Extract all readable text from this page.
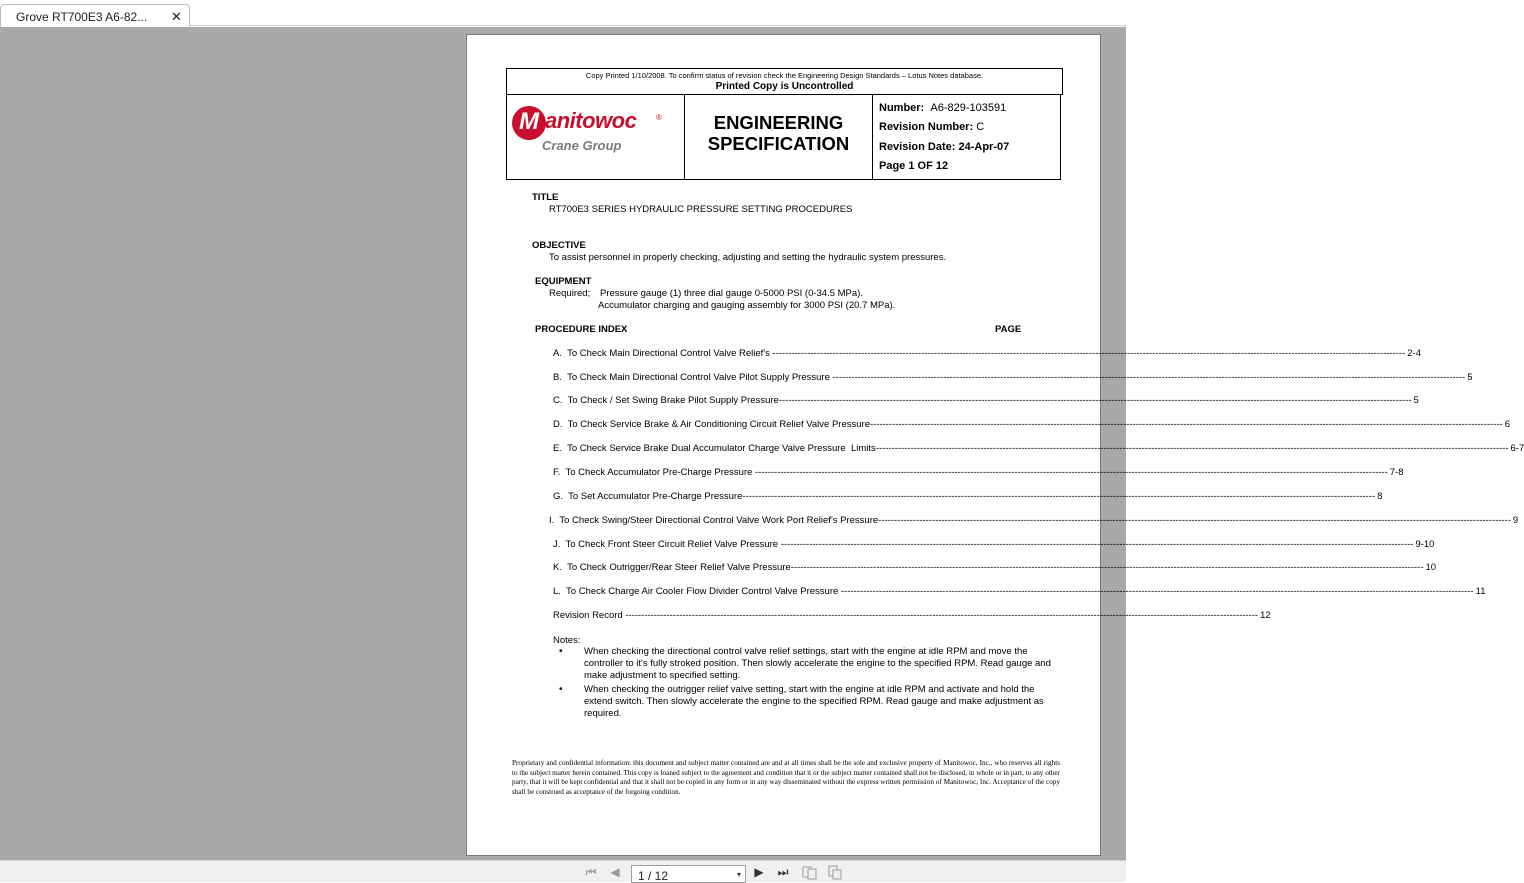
Grove RT700E3 A6-82... ✕
Copy Printed 1/10/2008. To confirm status of revision check the Engineering Design Standards – Lotus Notes database.
Printed Copy is Uncontrolled
M anitowoc ®
Crane Group
ENGINEERING
SPECIFICATION
Number: A6-829-103591
Revision Number: C
Revision Date: 24-Apr-07
Page 1 OF 12
TITLE
RT700E3 SERIES HYDRAULIC PRESSURE SETTING PROCEDURES
OBJECTIVE
To assist personnel in properly checking, adjusting and setting the hydraulic system pressures.
EQUIPMENT
Required; Pressure gauge (1) three dial gauge 0-5000 PSI (0-34.5 MPa).
Accumulator charging and gauging assembly for 3000 PSI (20.7 MPa).
PROCEDURE INDEX	PAGE
A.  To Check Main Directional Control Valve Relief's -------------------------------------------------------------------------------------------------------------------------------------------------------------------------------------------------------- 2-4
B.  To Check Main Directional Control Valve Pilot Supply Pressure -------------------------------------------------------------------------------------------------------------------------------------------------------------------------------------------------------- 5
C.  To Check / Set Swing Brake Pilot Supply Pressure -------------------------------------------------------------------------------------------------------------------------------------------------------------------------------------------------------- 5
D.  To Check Service Brake & Air Conditioning Circuit Relief Valve Pressure -------------------------------------------------------------------------------------------------------------------------------------------------------------------------------------------------------- 6
E.  To Check Service Brake Dual Accumulator Charge Valve Pressure  Limits -------------------------------------------------------------------------------------------------------------------------------------------------------------------------------------------------------- 6-7
F.  To Check Accumulator Pre-Charge Pressure -------------------------------------------------------------------------------------------------------------------------------------------------------------------------------------------------------- 7-8
G.  To Set Accumulator Pre-Charge Pressure -------------------------------------------------------------------------------------------------------------------------------------------------------------------------------------------------------- 8
I.  To Check Swing/Steer Directional Control Valve Work Port Relief's Pressure -------------------------------------------------------------------------------------------------------------------------------------------------------------------------------------------------------- 9
J.  To Check Front Steer Circuit Relief Valve Pressure -------------------------------------------------------------------------------------------------------------------------------------------------------------------------------------------------------- 9-10
K.  To Check Outrigger/Rear Steer Relief Valve Pressure -------------------------------------------------------------------------------------------------------------------------------------------------------------------------------------------------------- 10
L.  To Check Charge Air Cooler Flow Divider Control Valve Pressure -------------------------------------------------------------------------------------------------------------------------------------------------------------------------------------------------------- 11
Revision Record -------------------------------------------------------------------------------------------------------------------------------------------------------------------------------------------------------- 12
Notes:
• When checking the directional control valve relief settings, start with the engine at idle RPM and move the controller to it's fully stroked position. Then slowly accelerate the engine to the specified RPM. Read gauge and make adjustment to specified setting.
• When checking the outrigger relief valve setting, start with the engine at idle RPM and activate and hold the extend switch. Then slowly accelerate the engine to the specified RPM. Read gauge and make adjustment as required.
Proprietary and confidential information: this document and subject matter contained are and at all times shall be the sole and exclusive property of Manitowoc, Inc., who reserves all rights to the subject matter herein contained. This copy is loaned subject to the agreement and condition that it or the subject matter contained shall not be disclosed, in whole or in part, to any other party, that it will be kept confidential and that it shall not be copied in any form or in any way disseminated without the express written permission of Manitowoc, Inc. Acceptance of the copy shall be construed as acceptance of the forgoing condition.
⏮ ◀ 1 / 12	▾ ▶ ⏭
